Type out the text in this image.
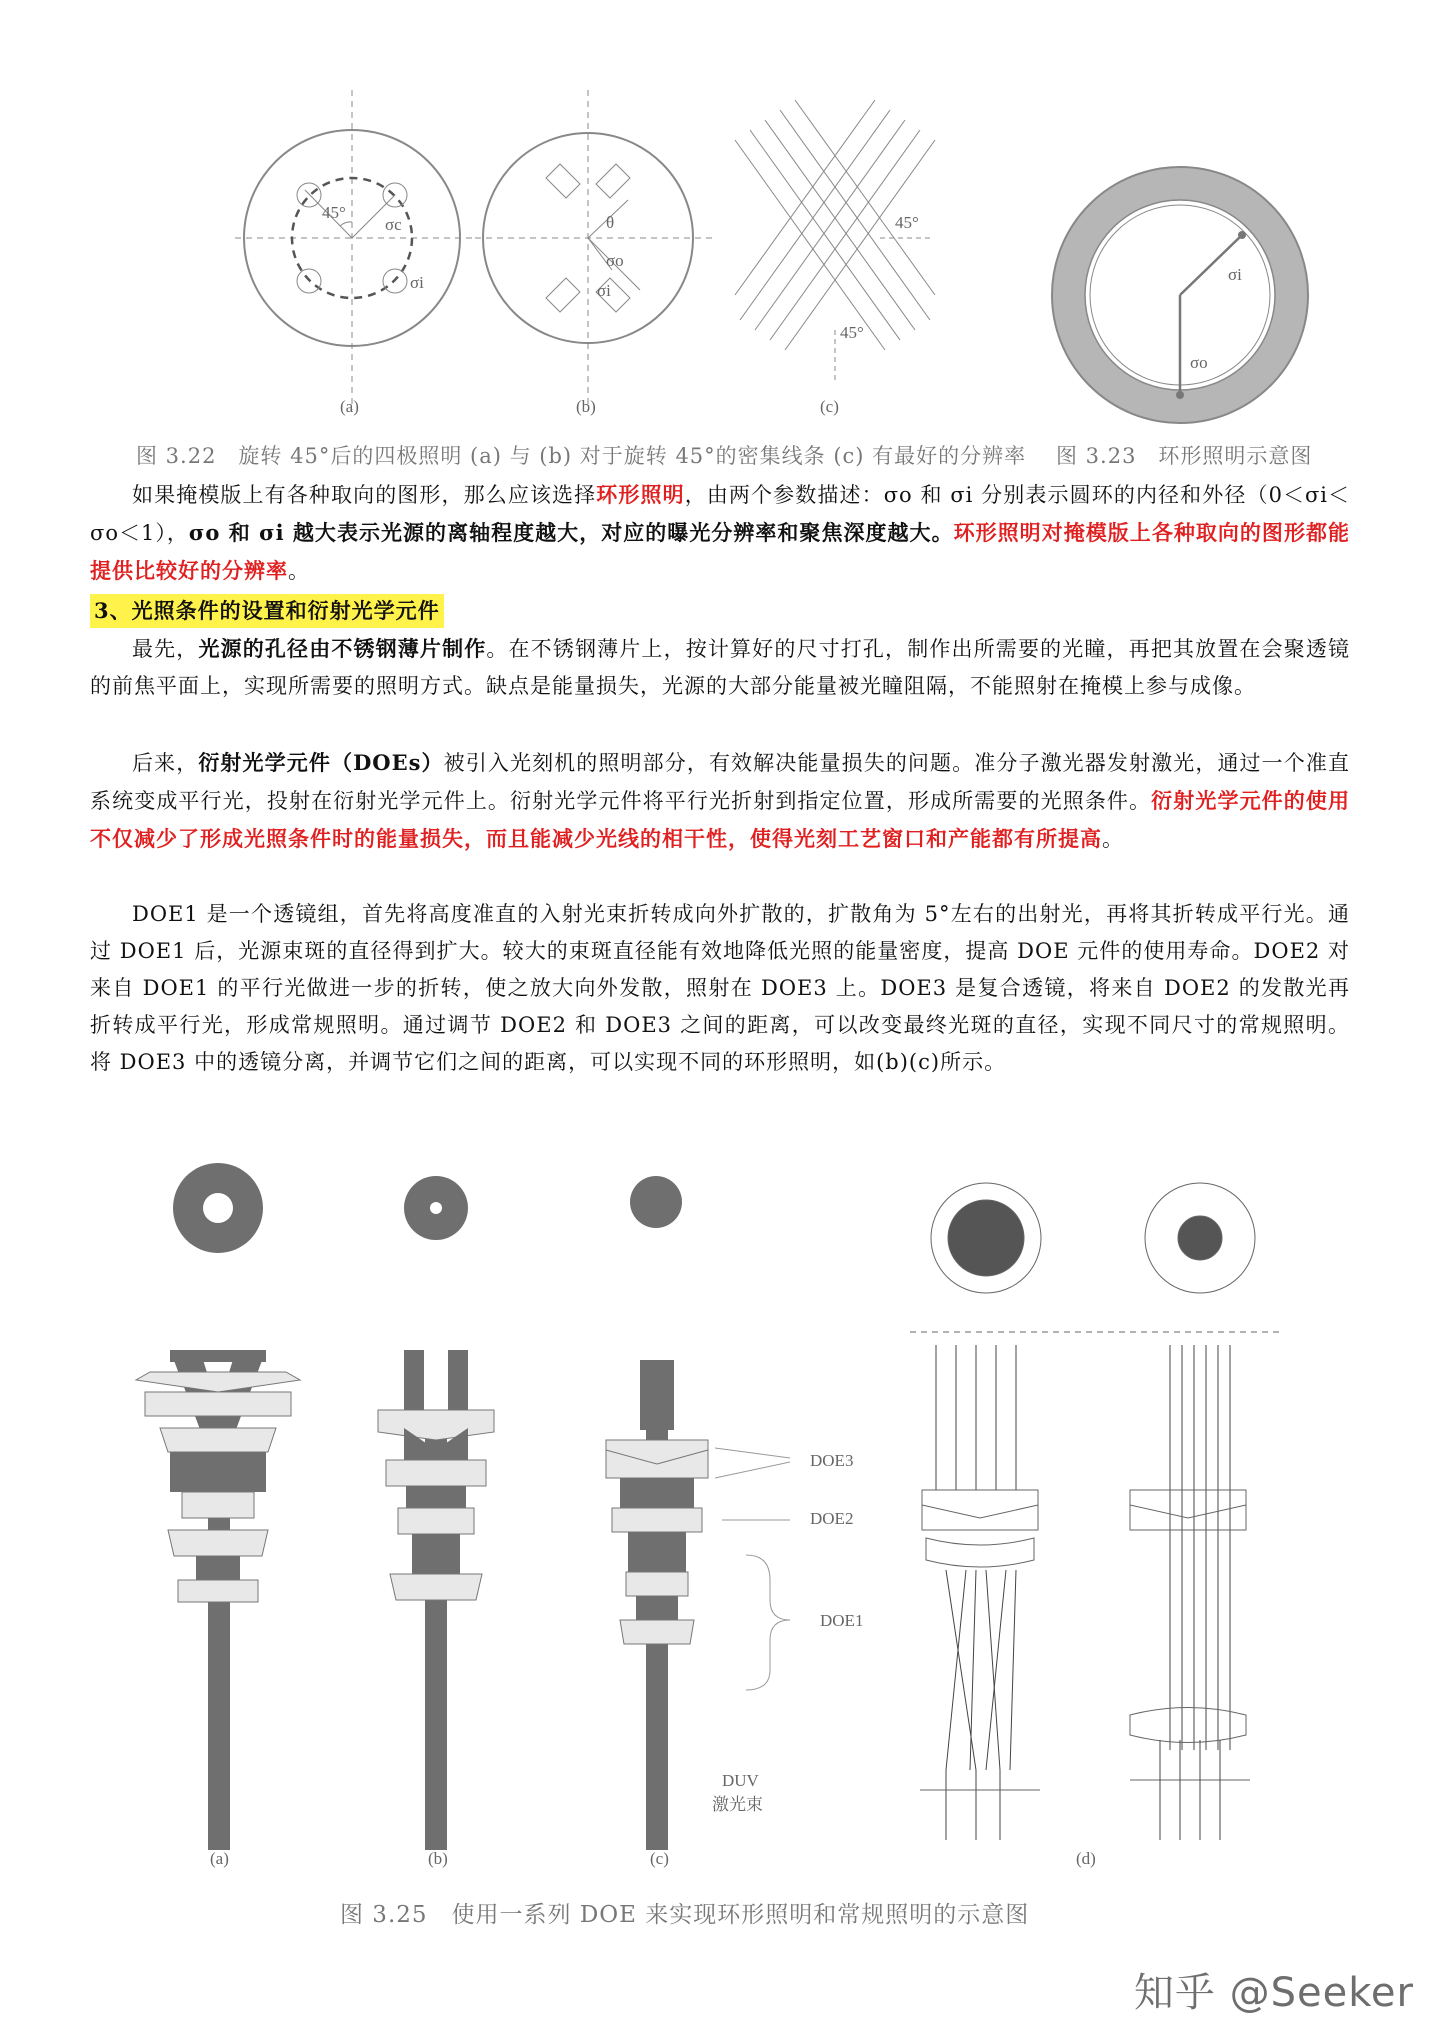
45°
σc
σi
(a)
θ
σo
σi
(b)
45°
45°
(c)
σi
σo
图 3.22　旋转 45°后的四极照明 (a) 与 (b) 对于旋转 45°的密集线条 (c) 有最好的分辨率 图 3.23　环形照明示意图
如果掩模版上有各种取向的图形，那么应该选择环形照明，由两个参数描述：σo 和 σi 分别表示圆环的内径和外径（0＜σi＜σo＜1），σo 和 σi 越大表示光源的离轴程度越大，对应的曝光分辨率和聚焦深度越大。环形照明对掩模版上各种取向的图形都能提供比较好的分辨率。
3、光照条件的设置和衍射光学元件
最先，光源的孔径由不锈钢薄片制作。在不锈钢薄片上，按计算好的尺寸打孔，制作出所需要的光瞳，再把其放置在会聚透镜的前焦平面上，实现所需要的照明方式。缺点是能量损失，光源的大部分能量被光瞳阻隔，不能照射在掩模上参与成像。
后来，衍射光学元件（DOEs）被引入光刻机的照明部分，有效解决能量损失的问题。准分子激光器发射激光，通过一个准直系统变成平行光，投射在衍射光学元件上。衍射光学元件将平行光折射到指定位置，形成所需要的光照条件。衍射光学元件的使用不仅减少了形成光照条件时的能量损失，而且能减少光线的相干性，使得光刻工艺窗口和产能都有所提高。
DOE1 是一个透镜组，首先将高度准直的入射光束折转成向外扩散的，扩散角为 5°左右的出射光，再将其折转成平行光。通过 DOE1 后，光源束斑的直径得到扩大。较大的束斑直径能有效地降低光照的能量密度，提高 DOE 元件的使用寿命。DOE2 对来自 DOE1 的平行光做进一步的折转，使之放大向外发散，照射在 DOE3 上。DOE3 是复合透镜，将来自 DOE2 的发散光再折转成平行光，形成常规照明。通过调节 DOE2 和 DOE3 之间的距离，可以改变最终光斑的直径，实现不同尺寸的常规照明。将 DOE3 中的透镜分离，并调节它们之间的距离，可以实现不同的环形照明，如(b)(c)所示。
DOE3
DOE2
DOE1
DUV
激光束
(a)	(b)	(c)	(d)
图 3.25　使用一系列 DOE 来实现环形照明和常规照明的示意图
知乎 @Seeker
